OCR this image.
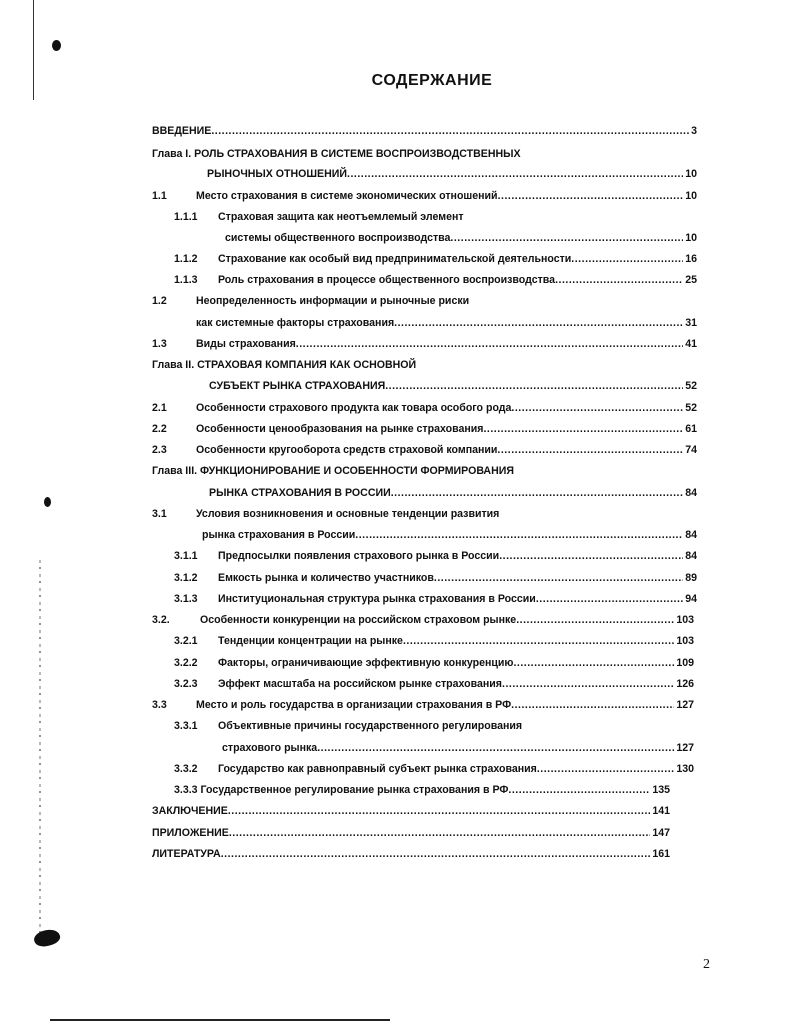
СОДЕРЖАНИЕ
ВВЕДЕНИЕ .....	3
Глава I. РОЛЬ СТРАХОВАНИЯ В СИСТЕМЕ ВОСПРОИЗВОДСТВЕННЫХ
РЫНОЧНЫХ ОТНОШЕНИЙ .....	10
1.1	Место страхования в системе экономических отношений .....	10
1.1.1	Страховая защита как неотъемлемый элемент
системы общественного воспроизводства .....	10
1.1.2	Страхование как особый вид предпринимательской деятельности .....	16
1.1.3	Роль страхования в процессе общественного воспроизводства .....	25
1.2	Неопределенность информации и рыночные риски
как системные факторы страхования .....	31
1.3	Виды страхования .....	41
Глава II. СТРАХОВАЯ КОМПАНИЯ КАК ОСНОВНОЙ
СУБЪЕКТ РЫНКА СТРАХОВАНИЯ .....	52
2.1	Особенности страхового продукта как товара особого рода .....	52
2.2	Особенности ценообразования на рынке страхования .....	61
2.3	Особенности кругооборота средств страховой компании .....	74
Глава III. ФУНКЦИОНИРОВАНИЕ И ОСОБЕННОСТИ ФОРМИРОВАНИЯ
РЫНКА СТРАХОВАНИЯ В РОССИИ .....	84
3.1	Условия возникновения и основные тенденции развития
рынка страхования в России .....	84
3.1.1	Предпосылки появления страхового рынка в России .....	84
3.1.2	Емкость рынка и количество участников .....	89
3.1.3	Институциональная структура рынка страхования в России .....	94
3.2.	Особенности конкуренции на российском страховом рынке .....	103
3.2.1	Тенденции концентрации на рынке .....	103
3.2.2	Факторы, ограничивающие эффективную конкуренцию .....	109
3.2.3	Эффект масштаба на российском рынке страхования .....	126
3.3	Место и роль государства в организации страхования в РФ .....	127
3.3.1	Объективные причины государственного регулирования
страхового рынка .....	127
3.3.2	Государство как равноправный субъект рынка страхования .....	130
3.3.3 Государственное регулирование рынка страхования в РФ .....	135
ЗАКЛЮЧЕНИЕ .....	141
ПРИЛОЖЕНИЕ .....	147
ЛИТЕРАТУРА .....	161
2
